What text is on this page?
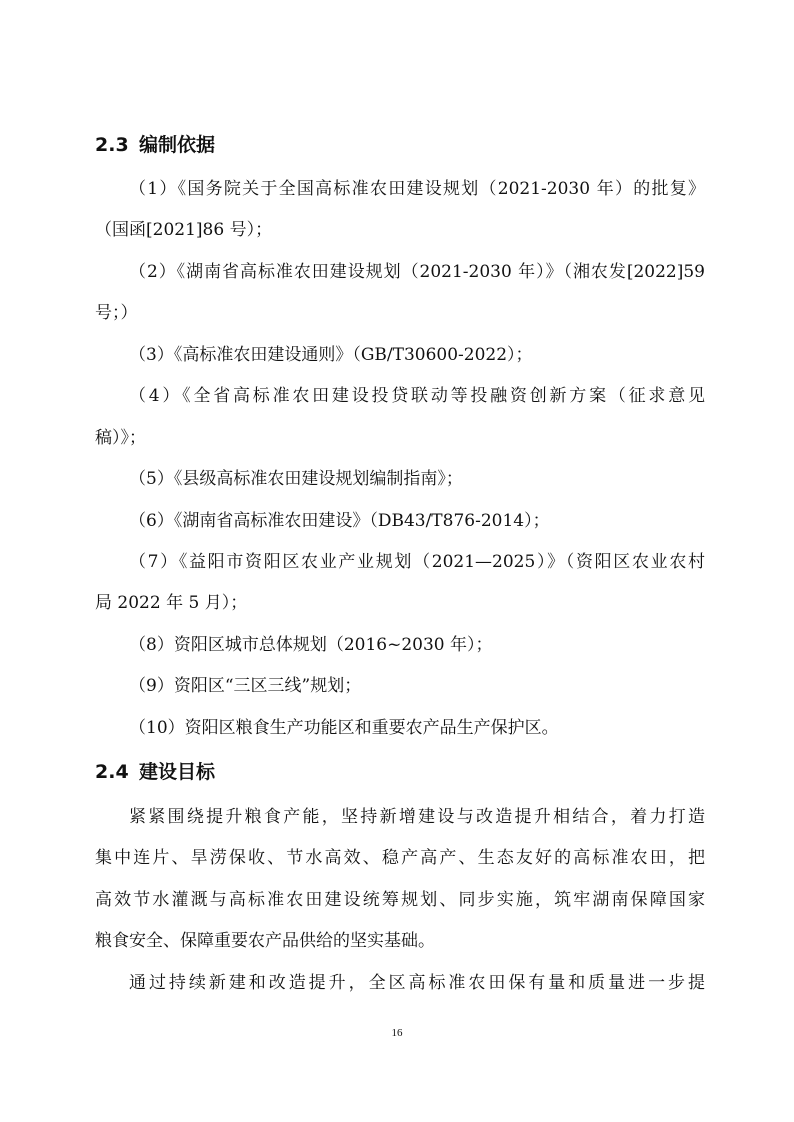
2.3 编制依据

（1）《国务院关于全国高标准农田建设规划（2021-2030 年）的批复》

（国函[2021]86 号）；

（2）《湖南省高标准农田建设规划（2021-2030 年）》（湘农发[2022]59

号；）

（3）《高标准农田建设通则》（GB/T30600-2022）；

（4）《全省高标准农田建设投贷联动等投融资创新方案（征求意见

稿）》；

（5）《县级高标准农田建设规划编制指南》；

（6）《湖南省高标准农田建设》（DB43/T876-2014）；

（7）《益阳市资阳区农业产业规划（2021—2025）》（资阳区农业农村

局 2022 年 5 月）；

（8）资阳区城市总体规划（2016~2030 年）；

（9）资阳区“三区三线”规划；

（10）资阳区粮食生产功能区和重要农产品生产保护区。

2.4 建设目标

紧紧围绕提升粮食产能，坚持新增建设与改造提升相结合，着力打造

集中连片、旱涝保收、节水高效、稳产高产、生态友好的高标准农田，把

高效节水灌溉与高标准农田建设统筹规划、同步实施，筑牢湖南保障国家

粮食安全、保障重要农产品供给的坚实基础。

通过持续新建和改造提升，全区高标准农田保有量和质量进一步提

16
